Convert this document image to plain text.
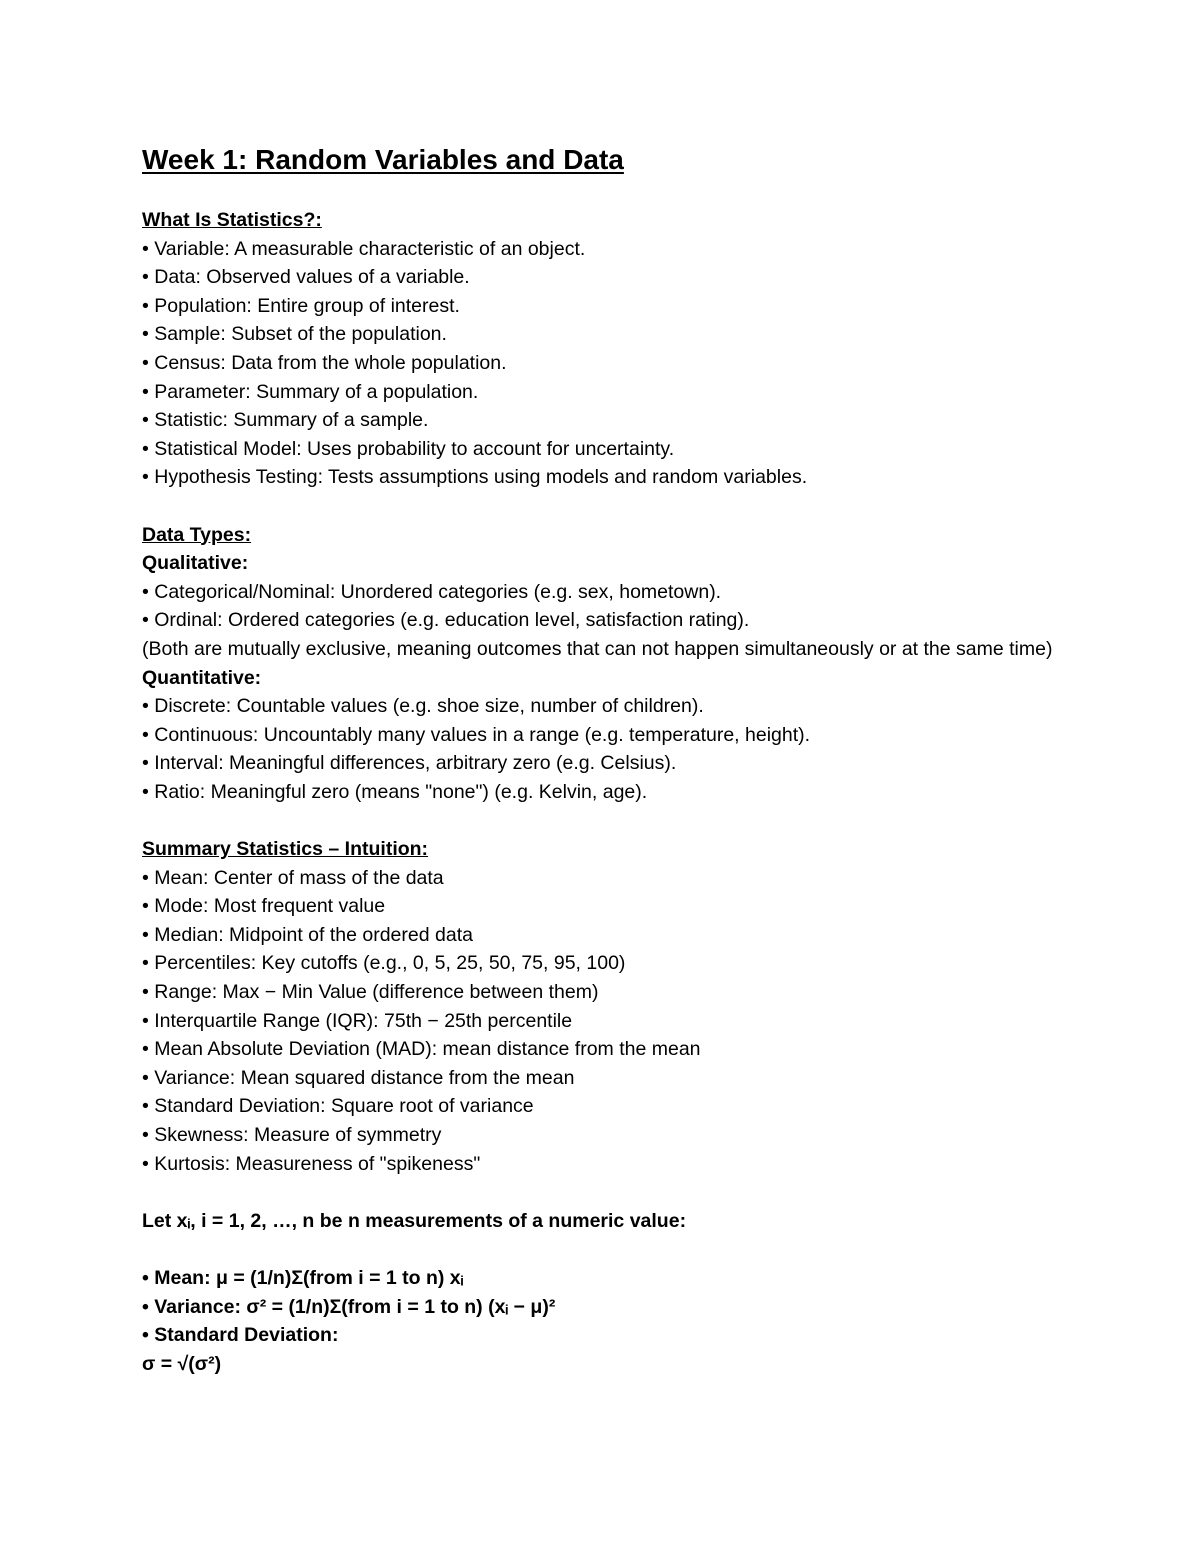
Week 1: Random Variables and Data

What Is Statistics?:

• Variable: A measurable characteristic of an object.
• Data: Observed values of a variable.
• Population: Entire group of interest.
• Sample: Subset of the population.
• Census: Data from the whole population.
• Parameter: Summary of a population.
• Statistic: Summary of a sample.
• Statistical Model: Uses probability to account for uncertainty.
• Hypothesis Testing: Tests assumptions using models and random variables.

Data Types:

Qualitative:

• Categorical/Nominal: Unordered categories (e.g. sex, hometown).
• Ordinal: Ordered categories (e.g. education level, satisfaction rating).

(Both are mutually exclusive, meaning outcomes that can not happen simultaneously or at the same time)

Quantitative:

• Discrete: Countable values (e.g. shoe size, number of children).
• Continuous: Uncountably many values in a range (e.g. temperature, height).
• Interval: Meaningful differences, arbitrary zero (e.g. Celsius).
• Ratio: Meaningful zero (means "none") (e.g. Kelvin, age).

Summary Statistics – Intuition:

• Mean: Center of mass of the data
• Mode: Most frequent value
• Median: Midpoint of the ordered data
• Percentiles: Key cutoffs (e.g., 0, 5, 25, 50, 75, 95, 100)
• Range: Max − Min Value (difference between them)
• Interquartile Range (IQR): 75th − 25th percentile
• Mean Absolute Deviation (MAD): mean distance from the mean
• Variance: Mean squared distance from the mean
• Standard Deviation: Square root of variance
• Skewness: Measure of symmetry
• Kurtosis: Measureness of "spikeness"

Let xᵢ, i = 1, 2, …, n be n measurements of a numeric value:

• Mean: μ = (1/n)Σ(from i = 1 to n) xᵢ

• Variance: σ² = (1/n)Σ(from i = 1 to n) (xᵢ − μ)²

• Standard Deviation:

σ = √(σ²)
